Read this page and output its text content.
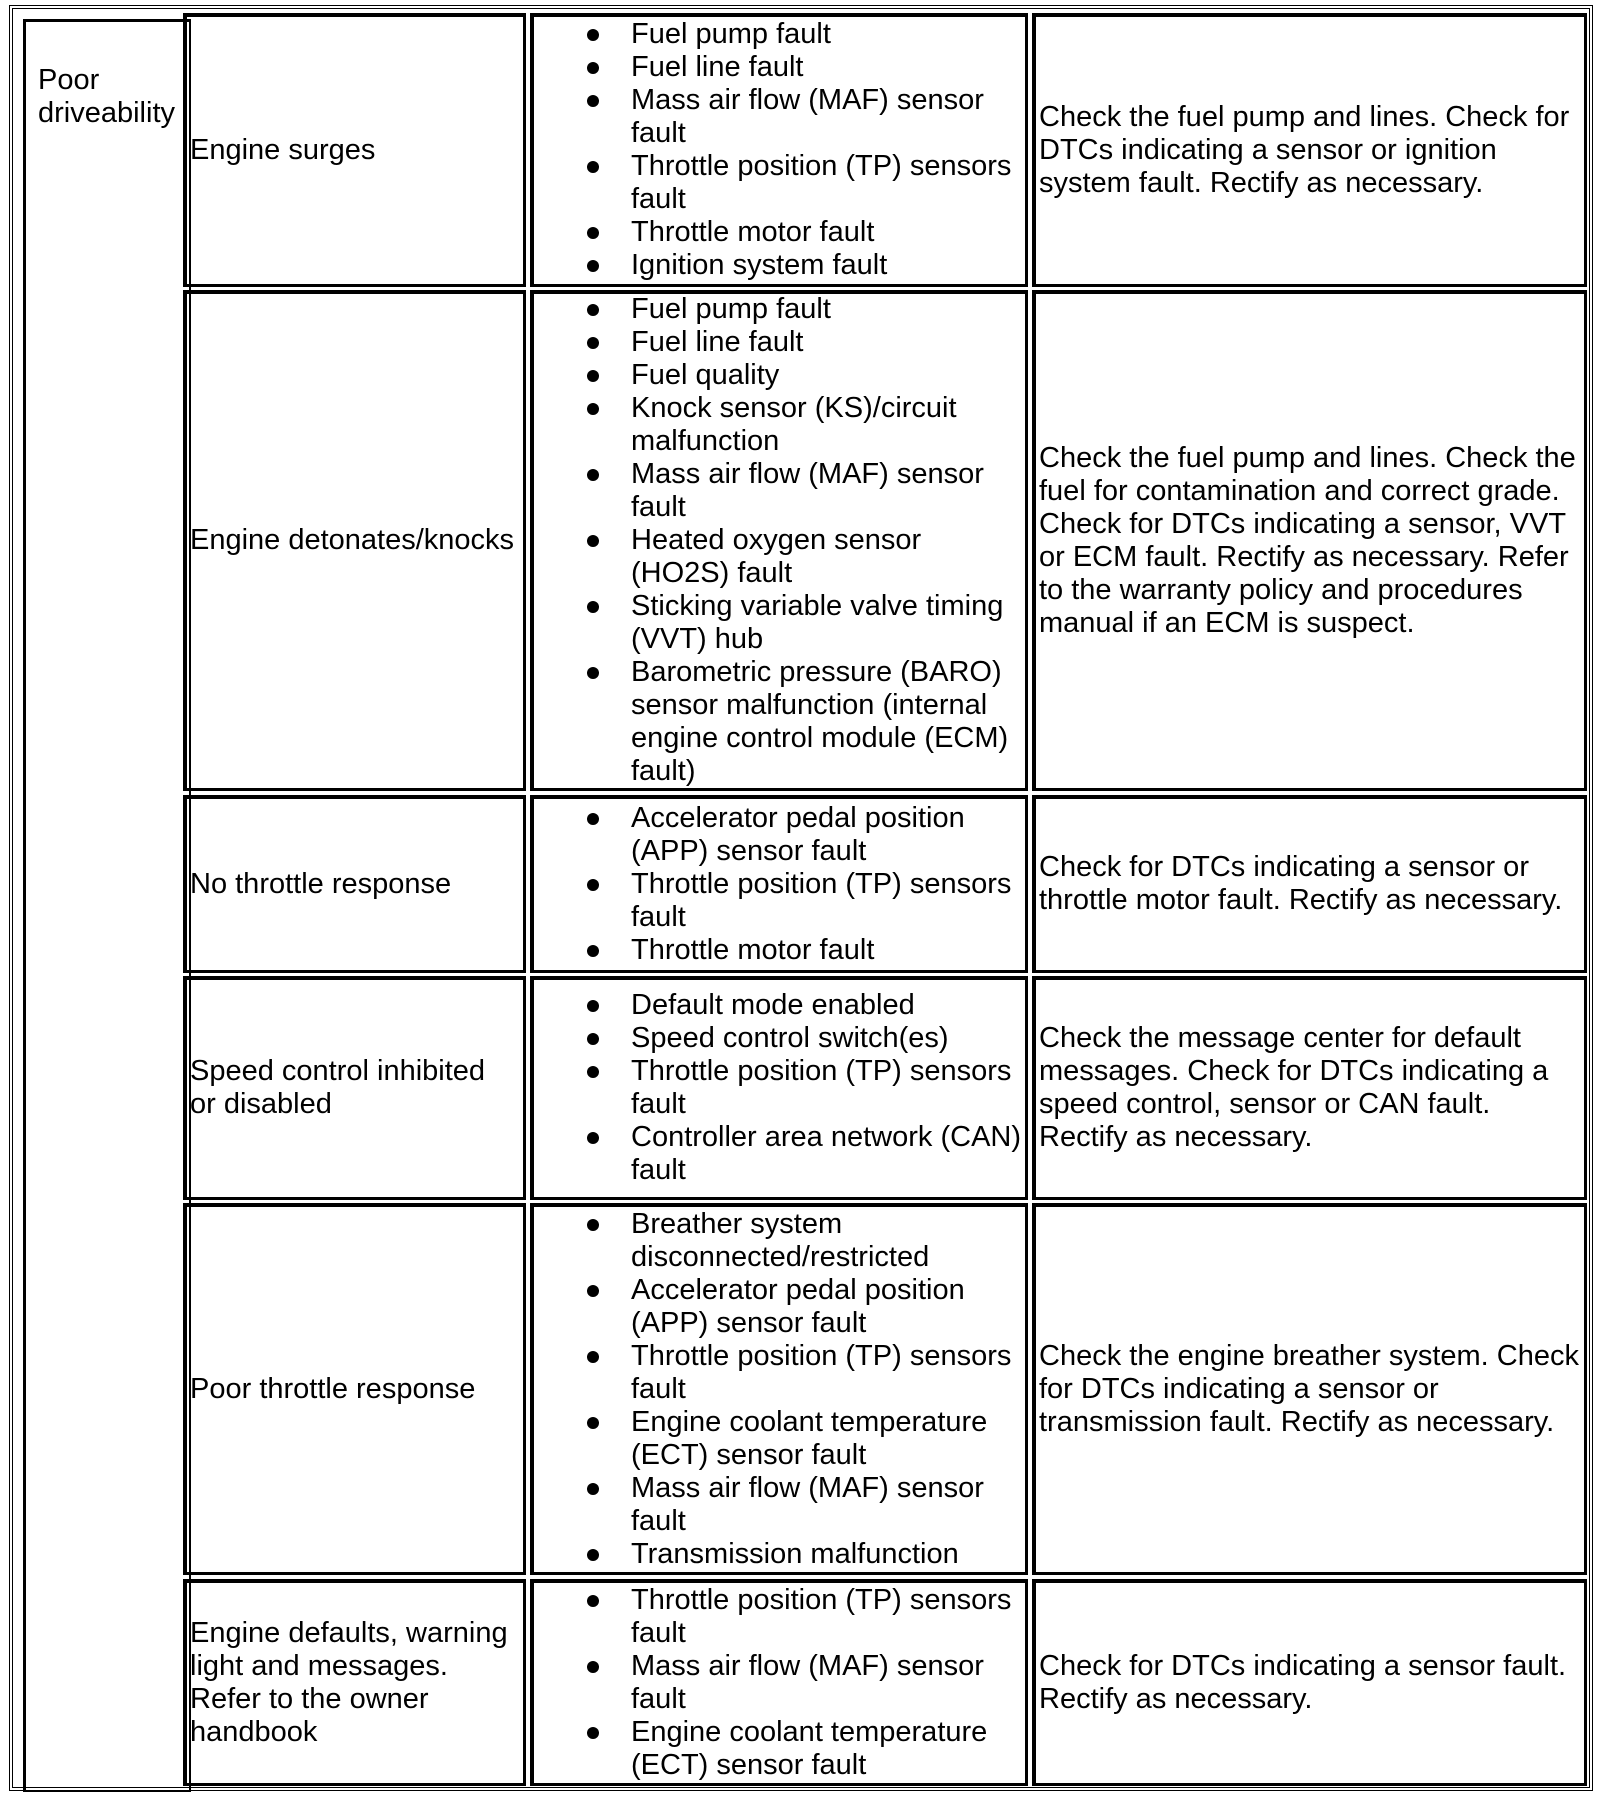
Poor
driveability
Engine surges
Fuel pump fault
Fuel line fault
Mass air flow (MAF) sensor fault
Throttle position (TP) sensors fault
Throttle motor fault
Ignition system fault
Check the fuel pump and lines. Check for DTCs indicating a sensor or ignition system fault. Rectify as necessary.
Engine detonates/knocks
Fuel pump fault
Fuel line fault
Fuel quality
Knock sensor (KS)/circuit malfunction
Mass air flow (MAF) sensor fault
Heated oxygen sensor (HO2S) fault
Sticking variable valve timing (VVT) hub
Barometric pressure (BARO) sensor malfunction (internal engine control module (ECM) fault)
Check the fuel pump and lines. Check the fuel for contamination and correct grade. Check for DTCs indicating a sensor, VVT or ECM fault. Rectify as necessary. Refer to the warranty policy and procedures manual if an ECM is suspect.
No throttle response
Accelerator pedal position (APP) sensor fault
Throttle position (TP) sensors fault
Throttle motor fault
Check for DTCs indicating a sensor or throttle motor fault. Rectify as necessary.
Speed control inhibited
or disabled
Default mode enabled
Speed control switch(es)
Throttle position (TP) sensors fault
Controller area network (CAN) fault
Check the message center for default messages. Check for DTCs indicating a speed control, sensor or CAN fault. Rectify as necessary.
Poor throttle response
Breather system disconnected/restricted
Accelerator pedal position (APP) sensor fault
Throttle position (TP) sensors fault
Engine coolant temperature (ECT) sensor fault
Mass air flow (MAF) sensor fault
Transmission malfunction
Check the engine breather system. Check for DTCs indicating a sensor or transmission fault. Rectify as necessary.
Engine defaults, warning light and messages. Refer to the owner handbook
Throttle position (TP) sensors fault
Mass air flow (MAF) sensor fault
Engine coolant temperature (ECT) sensor fault
Check for DTCs indicating a sensor fault. Rectify as necessary.
